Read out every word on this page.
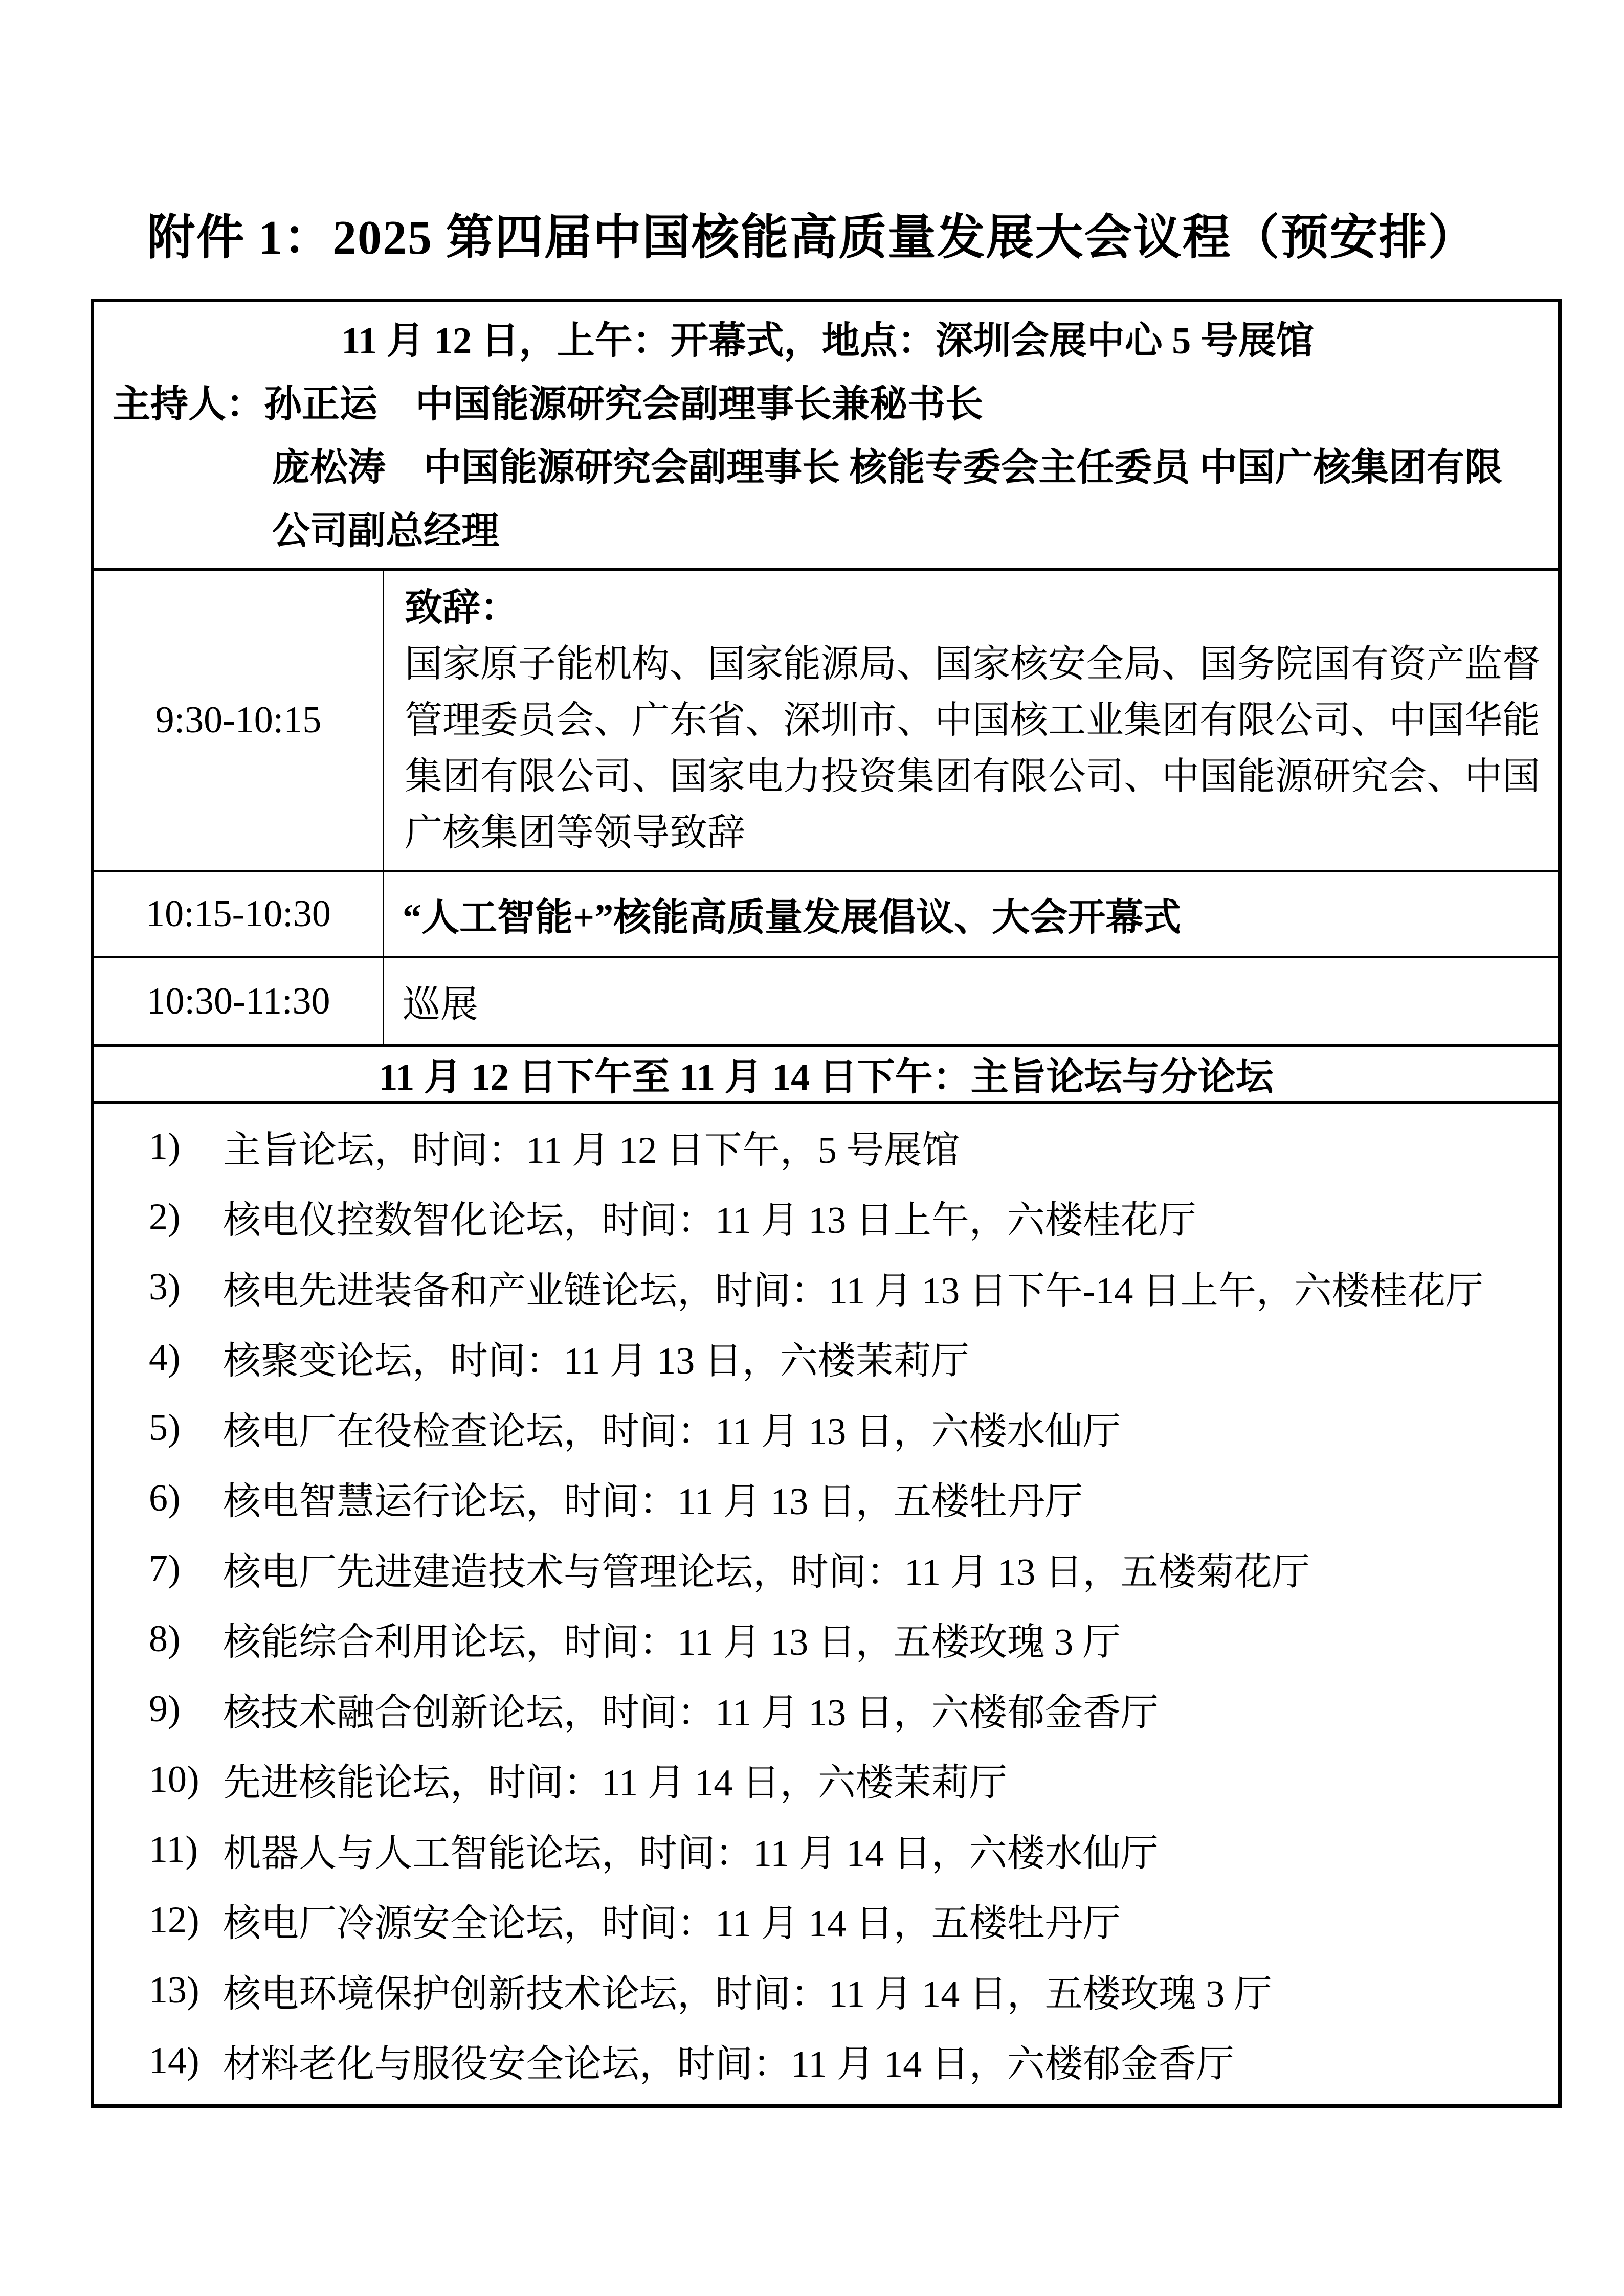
附件 1：2025 第四届中国核能高质量发展大会议程（预安排）
11 月 12 日，上午：开幕式，地点：深圳会展中心 5 号展馆
主持人：孙正运　中国能源研究会副理事长兼秘书长
庞松涛　中国能源研究会副理事长 核能专委会主任委员 中国广核集团有限
公司副总经理	

9:30-10:15	致辞：
国家原子能机构、国家能源局、国家核安全局、国务院国有资产监督
管理委员会、广东省、深圳市、中国核工业集团有限公司、中国华能
集团有限公司、国家电力投资集团有限公司、中国能源研究会、中国
广核集团等领导致辞

10:15-10:30	“人工智能+”核能高质量发展倡议、大会开幕式
10:30-11:30	巡展
11 月 12 日下午至 11 月 14 日下午：主旨论坛与分论坛	

1)	主旨论坛，时间：11 月 12 日下午，5 号展馆
2)	核电仪控数智化论坛，时间：11 月 13 日上午，六楼桂花厅
3)	核电先进装备和产业链论坛，时间：11 月 13 日下午-14 日上午，六楼桂花厅
4)	核聚变论坛，时间：11 月 13 日，六楼茉莉厅
5)	核电厂在役检查论坛，时间：11 月 13 日，六楼水仙厅
6)	核电智慧运行论坛，时间：11 月 13 日，五楼牡丹厅
7)	核电厂先进建造技术与管理论坛，时间：11 月 13 日，五楼菊花厅
8)	核能综合利用论坛，时间：11 月 13 日，五楼玫瑰 3 厅
9)	核技术融合创新论坛，时间：11 月 13 日，六楼郁金香厅
10) 先进核能论坛，时间：11 月 14 日，六楼茉莉厅
11) 机器人与人工智能论坛，时间：11 月 14 日，六楼水仙厅
12) 核电厂冷源安全论坛，时间：11 月 14 日，五楼牡丹厅
13) 核电环境保护创新技术论坛，时间：11 月 14 日，五楼玫瑰 3 厅
14) 材料老化与服役安全论坛，时间：11 月 14 日，六楼郁金香厅
